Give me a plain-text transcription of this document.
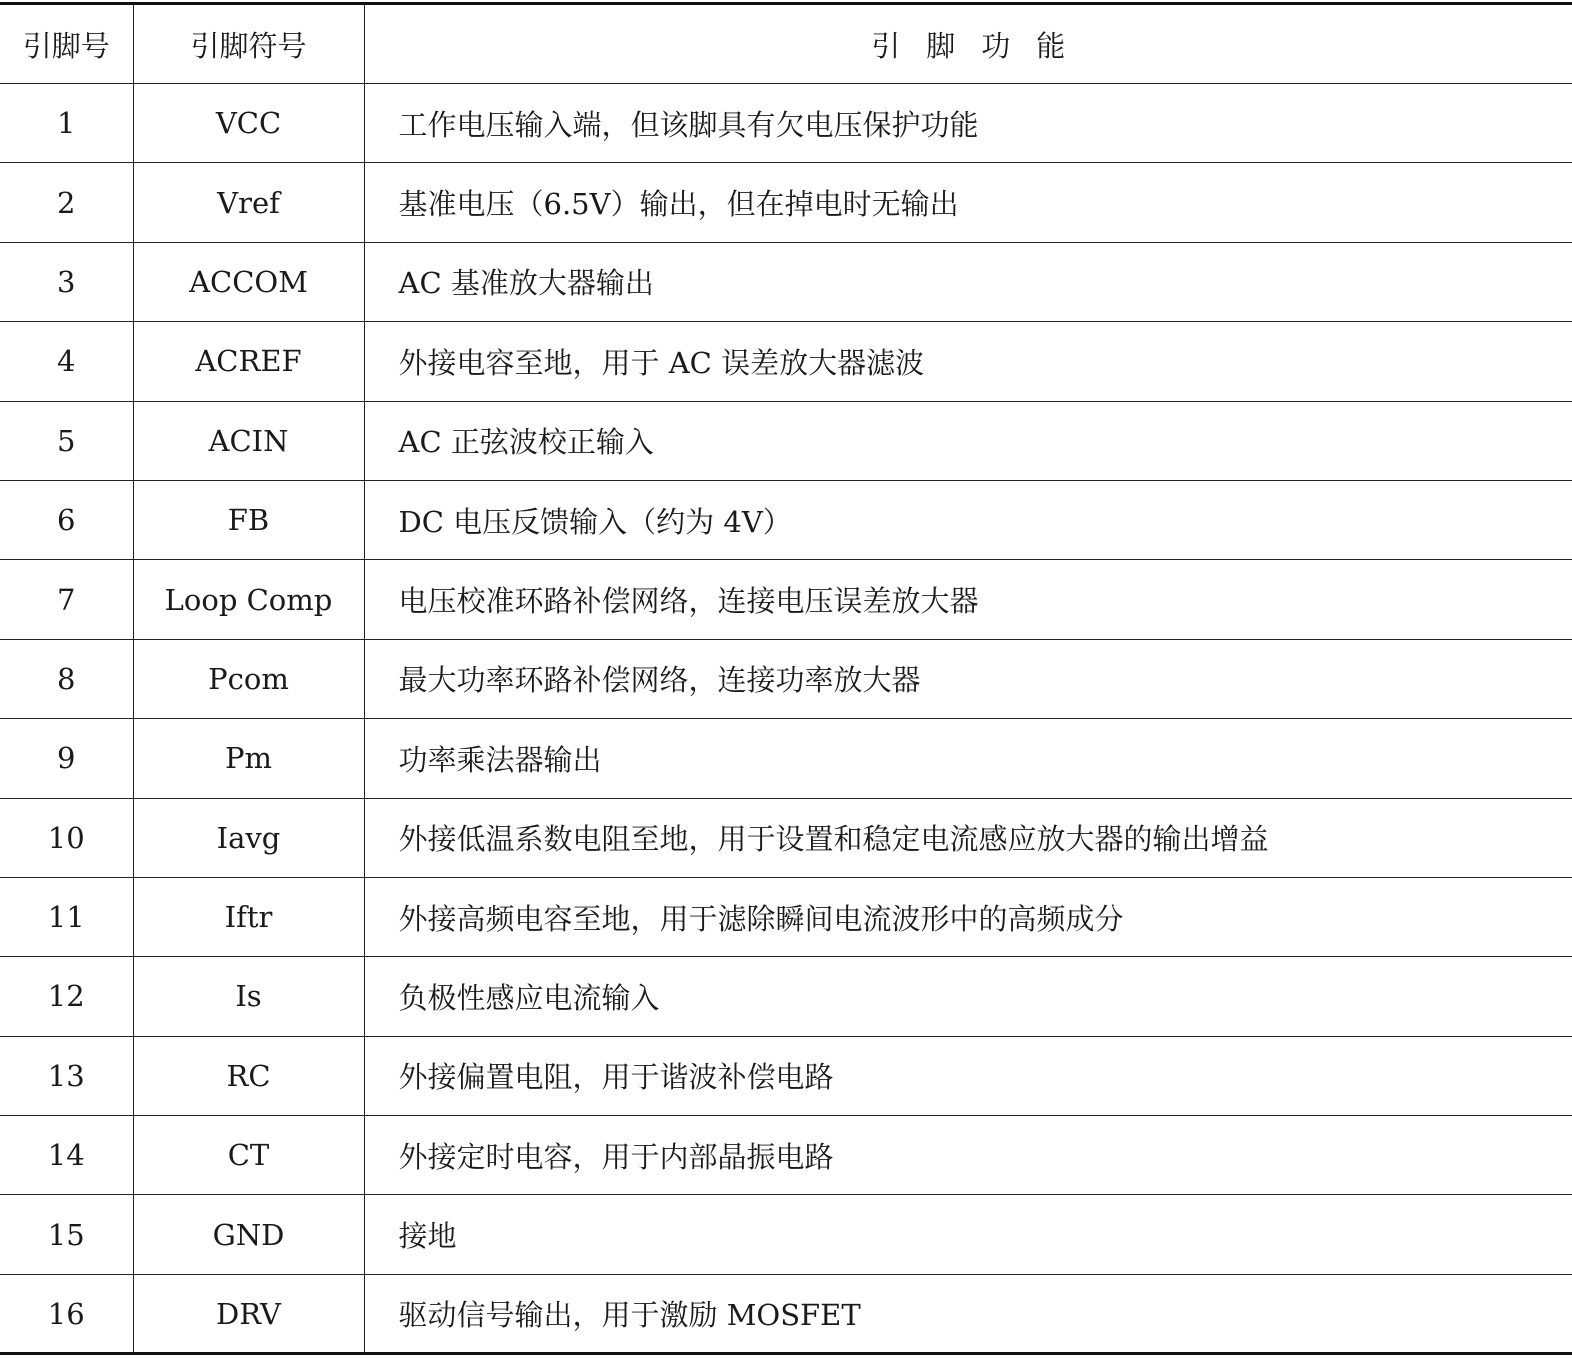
引脚号	引脚符号	引脚功能
1	VCC	工作电压输入端，但该脚具有欠电压保护功能
2	Vref	基准电压（6.5V）输出，但在掉电时无输出
3	ACCOM	AC 基准放大器输出
4	ACREF	外接电容至地，用于 AC 误差放大器滤波
5	ACIN	AC 正弦波校正输入
6	FB	DC 电压反馈输入（约为 4V）
7	Loop Comp	电压校准环路补偿网络，连接电压误差放大器
8	Pcom	最大功率环路补偿网络，连接功率放大器
9	Pm	功率乘法器输出
10	Iavg	外接低温系数电阻至地，用于设置和稳定电流感应放大器的输出增益
11	Iftr	外接高频电容至地，用于滤除瞬间电流波形中的高频成分
12	Is	负极性感应电流输入
13	RC	外接偏置电阻，用于谐波补偿电路
14	CT	外接定时电容，用于内部晶振电路
15	GND	接地
16	DRV	驱动信号输出，用于激励 MOSFET
